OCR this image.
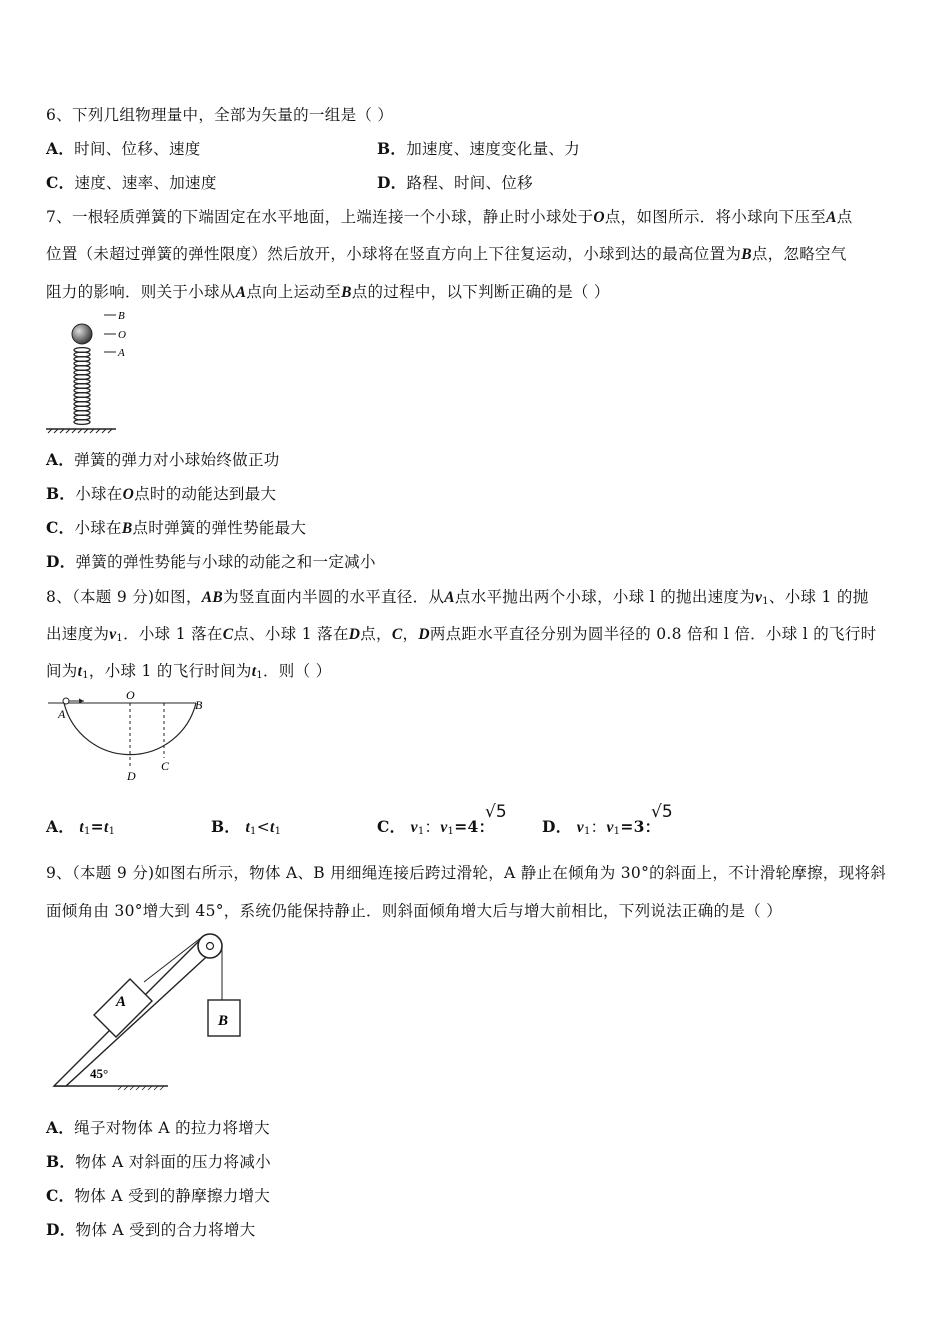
6、下列几组物理量中，全部为矢量的一组是（ ）
A．时间、位移、速度	B．加速度、速度变化量、力
C．速度、速率、加速度	D．路程、时间、位移
7、一根轻质弹簧的下端固定在水平地面，上端连接一个小球，静止时小球处于O点，如图所示．将小球向下压至A点
位置（未超过弹簧的弹性限度）然后放开，小球将在竖直方向上下往复运动，小球到达的最高位置为B点，忽略空气
阻力的影响．则关于小球从A点向上运动至B点的过程中，以下判断正确的是（ ）
B
O
A
A．弹簧的弹力对小球始终做正功
B．小球在O点时的动能达到最大
C．小球在B点时弹簧的弹性势能最大
D．弹簧的弹性势能与小球的动能之和一定减小
8、（本题 9 分)如图，AB为竖直面内半圆的水平直径．从A点水平抛出两个小球，小球 l 的抛出速度为$v_1$、小球 1 的抛
出速度为$v_1$．小球 1 落在C点、小球 1 落在D点，C，D两点距水平直径分别为圆半径的 0.8 倍和 l 倍．小球 l 的飞行时
间为$t_1$，小球 1 的飞行时间为$t_1$．则（ ）
A
O
B
D
C
A． $t_1=t_1$	B． $t_1<t_1$	C． $v_1$：$v_1=4$：
√5
D． $v_1$：$v_1=3$：
√5
9、（本题 9 分)如图右所示，物体 A、B 用细绳连接后跨过滑轮，A 静止在倾角为 30°的斜面上，不计滑轮摩擦，现将斜
面倾角由 30°增大到 45°，系统仍能保持静止．则斜面倾角增大后与增大前相比，下列说法正确的是（ ）
A
B
45°
A．绳子对物体 A 的拉力将增大
B．物体 A 对斜面的压力将减小
C．物体 A 受到的静摩擦力增大
D．物体 A 受到的合力将增大
